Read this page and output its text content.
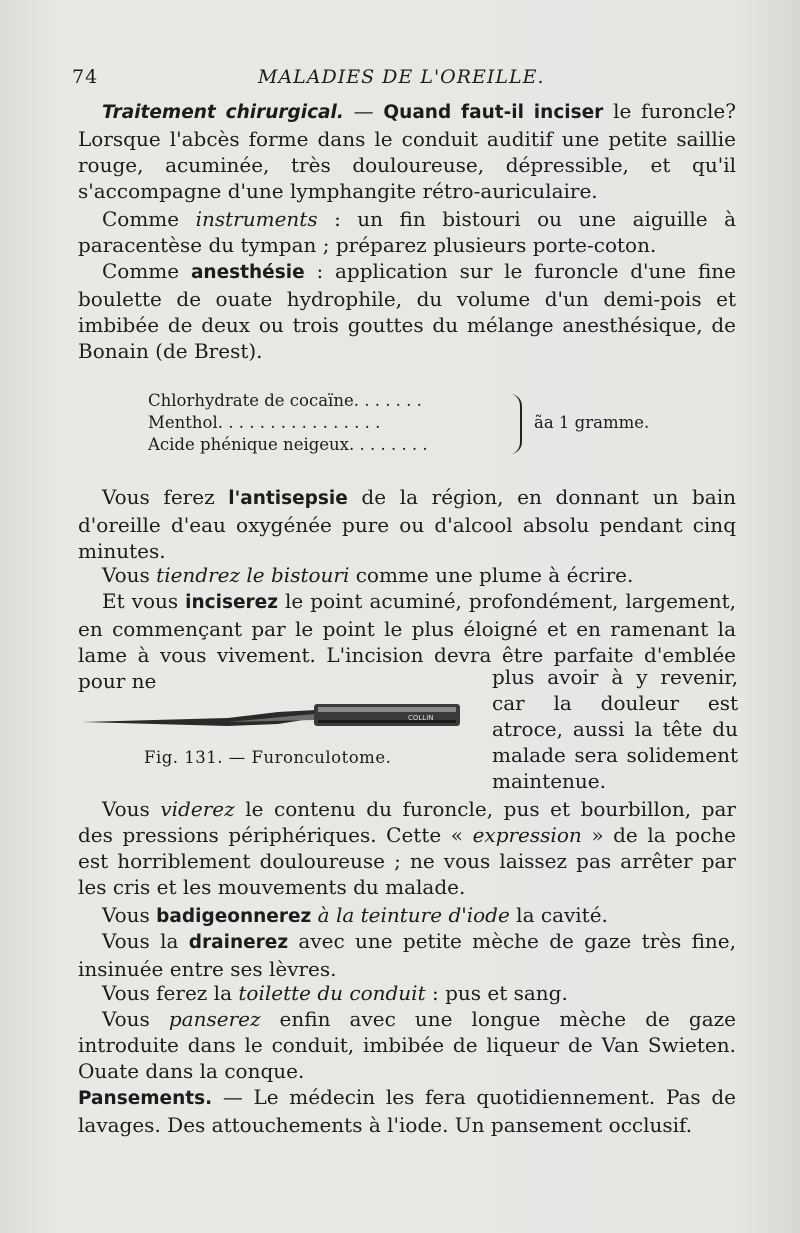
74	MALADIES DE L'OREILLE.

Traitement chirurgical. — Quand faut-il inciser le furoncle? Lorsque l'abcès forme dans le conduit auditif une petite saillie rouge, acuminée, très douloureuse, dépressible, et qu'il s'accompagne d'une lymphangite rétro-auriculaire.

Comme instruments : un fin bistouri ou une aiguille à paracentèse du tympan ; préparez plusieurs porte-coton.

Comme anesthésie : application sur le furoncle d'une fine boulette de ouate hydrophile, du volume d'un demi-pois et imbibée de deux ou trois gouttes du mélange anesthésique, de Bonain (de Brest).

Chlorhydrate de cocaïne. . . . . . .
Menthol. . . . . . . . . . . . . . . .
Acide phénique neigeux. . . . . . . .
ãa 1 gramme.

Vous ferez l'antisepsie de la région, en donnant un bain d'oreille d'eau oxygénée pure ou d'alcool absolu pendant cinq minutes.

Vous tiendrez le bistouri comme une plume à écrire.

Et vous inciserez le point acuminé, profondément, largement, en commençant par le point le plus éloigné et en ramenant la lame à vous vivement. L'incision devra être parfaite d'emblée pour ne	plus avoir à y revenir, car la douleur est atroce, aussi la tête du malade sera solidement maintenue.

COLLIN
Fig. 131. — Furonculotome.

Vous viderez le contenu du furoncle, pus et bourbillon, par des pressions périphériques. Cette « expression » de la poche est horriblement douloureuse ; ne vous laissez pas arrêter par les cris et les mouvements du malade.

Vous badigeonnerez à la teinture d'iode la cavité.

Vous la drainerez avec une petite mèche de gaze très fine, insinuée entre ses lèvres.

Vous ferez la toilette du conduit : pus et sang.

Vous panserez enfin avec une longue mèche de gaze introduite dans le conduit, imbibée de liqueur de Van Swieten. Ouate dans la conque.

Pansements. — Le médecin les fera quotidiennement. Pas de lavages. Des attouchements à l'iode. Un pansement occlusif.
